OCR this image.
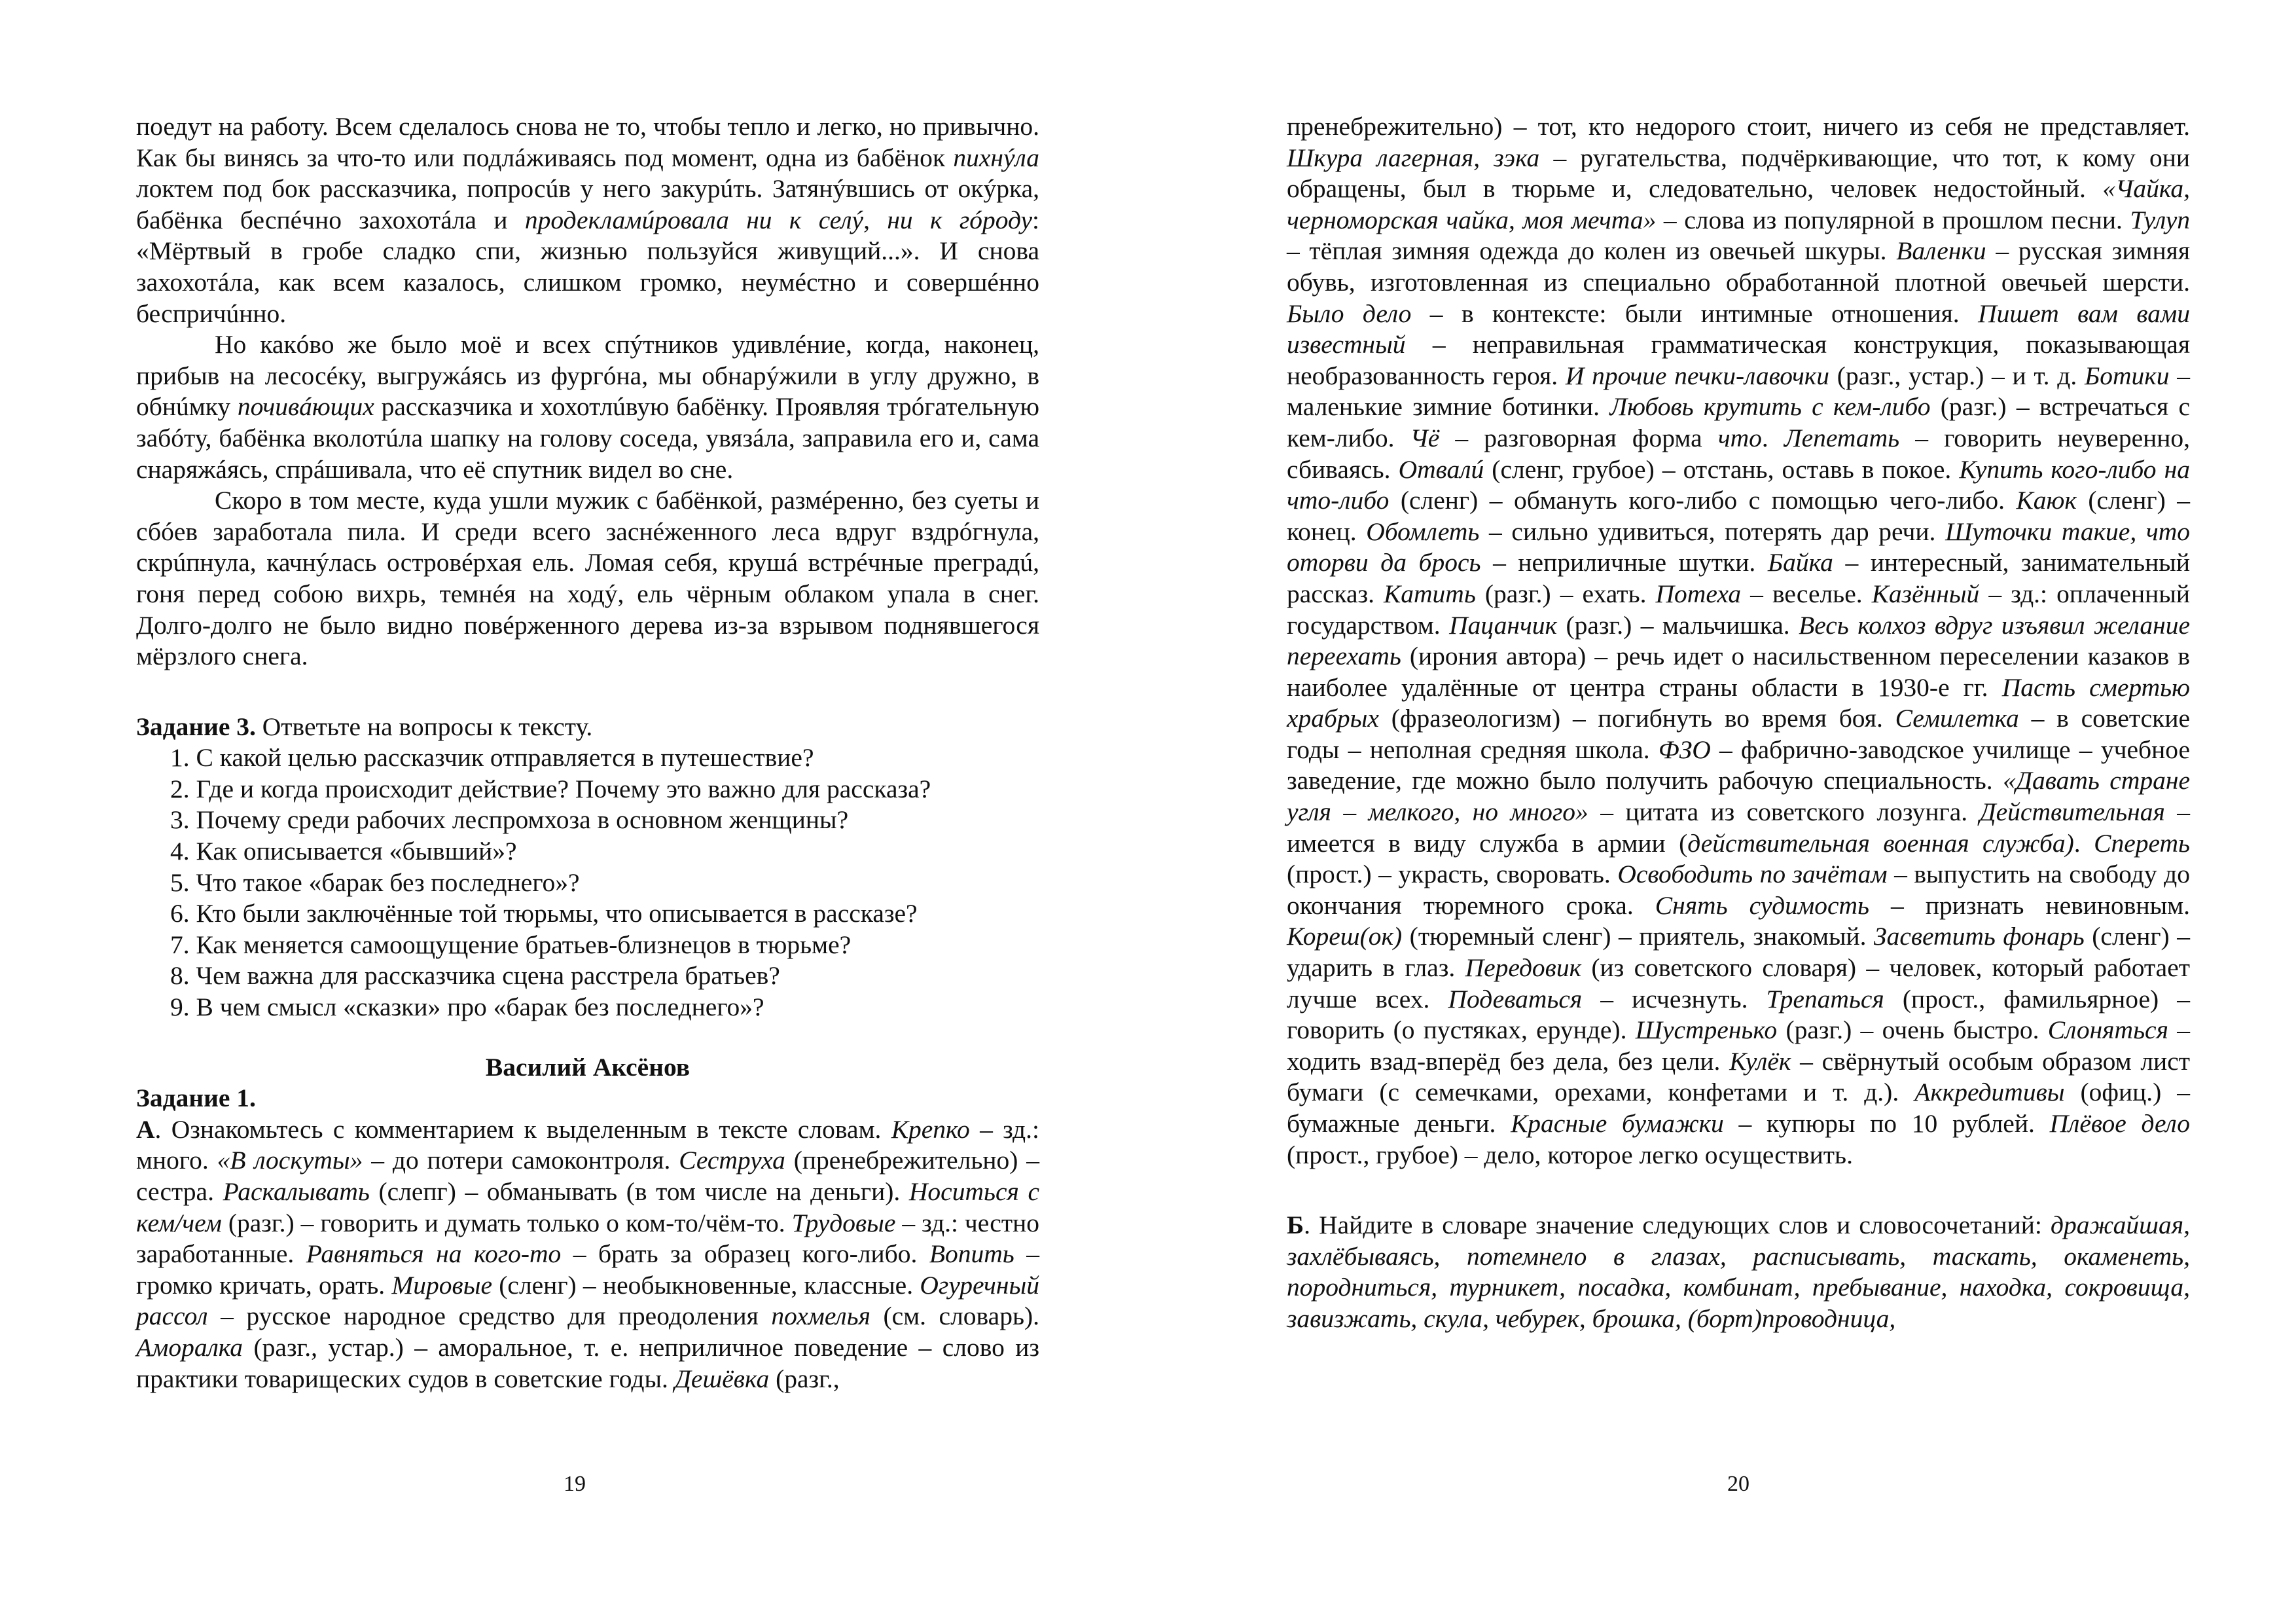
поедут на работу. Всем сделалось снова не то, чтобы тепло и легко, но привычно. Как бы винясь за что-то или подлáживаясь под момент, одна из бабёнок пихнýла локтем под бок рассказчика, попросúв у него закурúть. Затянýвшись от окýрка, бабёнка беспéчно захохотáла и продекламúровала ни к селý, ни к гóроду: «Мёртвый в гробе сладко спи, жизнью пользуйся живущий...». И снова захохотáла, как всем казалось, слишком громко, неумéстно и совершéнно беспричúнно.

Но какóво же было моё и всех спýтников удивлéние, когда, наконец, прибыв на лесосéку, выгружáясь из фургóна, мы обнарýжили в углу дружно, в обнúмку почивáющих рассказчика и хохотлúвую бабёнку. Проявляя трóгательную забóту, бабёнка вколотúла шапку на голову соседа, увязáла, заправила его и, сама снаряжáясь, спрáшивала, что её спутник видел во сне.

Скоро в том месте, куда ушли мужик с бабёнкой, размéренно, без суеты и сбóев заработала пила. И среди всего заснéженного леса вдруг вздрóгнула, скрúпнула, качнýлась островéрхая ель. Ломая себя, крушá встрéчные преградú, гоня перед собою вихрь, темнéя на ходý, ель чёрным облаком упала в снег. Долго-долго не было видно повéрженного дерева из-за взрывом поднявшегося мёрзлого снега.

Задание 3. Ответьте на вопросы к тексту.

1. С какой целью рассказчик отправляется в путешествие?
2. Где и когда происходит действие? Почему это важно для рассказа?
3. Почему среди рабочих леспромхоза в основном женщины?
4. Как описывается «бывший»?
5. Что такое «барак без последнего»?
6. Кто были заключённые той тюрьмы, что описывается в рассказе?
7. Как меняется самоощущение братьев-близнецов в тюрьме?
8. Чем важна для рассказчика сцена расстрела братьев?
9. В чем смысл «сказки» про «барак без последнего»?

Василий Аксёнов

Задание 1.

А. Ознакомьтесь с комментарием к выделенным в тексте словам. Крепко – зд.: много. «В лоскуты» – до потери самоконтроля. Сеструха (пренебрежительно) – сестра. Раскалывать (слепг) – обманывать (в том числе на деньги). Носиться с кем/чем (разг.) – говорить и думать только о ком-то/чём-то. Трудовые – зд.: честно заработанные. Равняться на кого-то – брать за образец кого-либо. Вопить – громко кричать, орать. Мировые (сленг) – необыкновенные, классные. Огуречный рассол – русское народное средство для преодоления похмелья (см. словарь). Аморалка (разг., устар.) – аморальное, т. е. неприличное поведение – слово из практики товарищеских судов в советские годы. Дешёвка (разг.,

19

пренебрежительно) – тот, кто недорого стоит, ничего из себя не представляет. Шкура лагерная, зэка – ругательства, подчёркивающие, что тот, к кому они обращены, был в тюрьме и, следовательно, человек недостойный. «Чайка, черноморская чайка, моя мечта» – слова из популярной в прошлом песни. Тулуп – тёплая зимняя одежда до колен из овечьей шкуры. Валенки – русская зимняя обувь, изготовленная из специально обработанной плотной овечьей шерсти. Было дело – в контексте: были интимные отношения. Пишет вам вами известный – неправильная грамматическая конструкция, показывающая необразованность героя. И прочие печки-лавочки (разг., устар.) – и т. д. Ботики – маленькие зимние ботинки. Любовь крутить с кем-либо (разг.) – встречаться с кем-либо. Чё – разговорная форма что. Лепетать – говорить неуверенно, сбиваясь. Отвалú (сленг, грубое) – отстань, оставь в покое. Купить кого-либо на что-либо (сленг) – обмануть кого-либо с помощью чего-либо. Каюк (сленг) – конец. Обомлеть – сильно удивиться, потерять дар речи. Шуточки такие, что оторви да брось – неприличные шутки. Байка – интересный, занимательный рассказ. Катить (разг.) – ехать. Потеха – веселье. Казённый – зд.: оплаченный государством. Пацанчик (разг.) – мальчишка. Весь колхоз вдруг изъявил желание переехать (ирония автора) – речь идет о насильственном переселении казаков в наиболее удалённые от центра страны области в 1930-е гг. Пасть смертью храбрых (фразеологизм) – погибнуть во время боя. Семилетка – в советские годы – неполная средняя школа. ФЗО – фабрично-заводское училище – учебное заведение, где можно было получить рабочую специальность. «Давать стране угля – мелкого, но много» – цитата из советского лозунга. Действительная – имеется в виду служба в армии (действительная военная служба). Спереть (прост.) – украсть, своровать. Освободить по зачётам – выпустить на свободу до окончания тюремного срока. Снять судимость – признать невиновным. Кореш(ок) (тюремный сленг) – приятель, знакомый. Засветить фонарь (сленг) – ударить в глаз. Передовик (из советского словаря) – человек, который работает лучше всех. Подеваться – исчезнуть. Трепаться (прост., фамильярное) – говорить (о пустяках, ерунде). Шустренько (разг.) – очень быстро. Слоняться – ходить взад-вперёд без дела, без цели. Кулёк – свёрнутый особым образом лист бумаги (с семечками, орехами, конфетами и т. д.). Аккредитивы (офиц.) – бумажные деньги. Красные бумажки – купюры по 10 рублей. Плёвое дело (прост., грубое) – дело, которое легко осуществить.

Б. Найдите в словаре значение следующих слов и словосочетаний: дражайшая, захлёбываясь, потемнело в глазах, расписывать, таскать, окаменеть, породниться, турникет, посадка, комбинат, пребывание, находка, сокровища, завизжать, скула, чебурек, брошка, (борт)проводница,

20
